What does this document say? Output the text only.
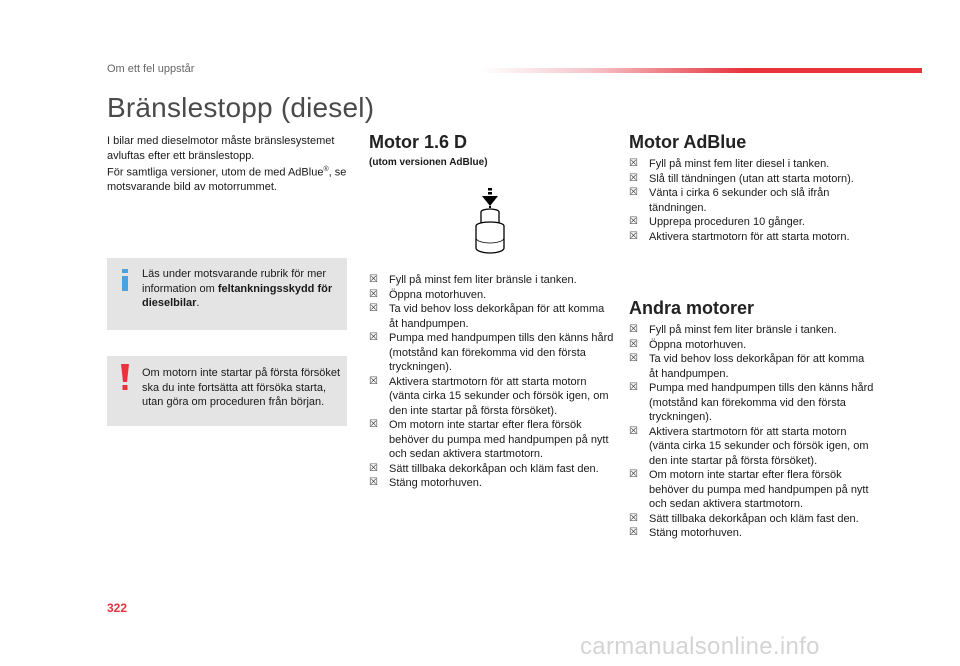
Om ett fel uppstår
Bränslestopp (diesel)

I bilar med dieselmotor måste bränslesystemet avluftas efter ett bränslestopp.

För samtliga versioner, utom de med AdBlue®, se motsvarande bild av motorrummet.

Läs under motsvarande rubrik för mer information om feltankningsskydd för dieselbilar.

Om motorn inte startar på första försöket ska du inte fortsätta att försöka starta, utan göra om proceduren från början.

Motor 1.6 D

(utom versionen AdBlue)

☒ Fyll på minst fem liter bränsle i tanken.
☒ Öppna motorhuven.
☒ Ta vid behov loss dekorkåpan för att komma åt handpumpen.
☒ Pumpa med handpumpen tills den känns hård (motstånd kan förekomma vid den första tryckningen).
☒ Aktivera startmotorn för att starta motorn (vänta cirka 15 sekunder och försök igen, om den inte startar på första försöket).
☒ Om motorn inte startar efter flera försök behöver du pumpa med handpumpen på nytt och sedan aktivera startmotorn.
☒ Sätt tillbaka dekorkåpan och kläm fast den.
☒ Stäng motorhuven.
Motor AdBlue
☒ Fyll på minst fem liter diesel i tanken.
☒ Slå till tändningen (utan att starta motorn).
☒ Vänta i cirka 6 sekunder och slå ifrån tändningen.
☒ Upprepa proceduren 10 gånger.
☒ Aktivera startmotorn för att starta motorn.
Andra motorer
☒ Fyll på minst fem liter bränsle i tanken.
☒ Öppna motorhuven.
☒ Ta vid behov loss dekorkåpan för att komma åt handpumpen.
☒ Pumpa med handpumpen tills den känns hård (motstånd kan förekomma vid den första tryckningen).
☒ Aktivera startmotorn för att starta motorn (vänta cirka 15 sekunder och försök igen, om den inte startar på första försöket).
☒ Om motorn inte startar efter flera försök behöver du pumpa med handpumpen på nytt och sedan aktivera startmotorn.
☒ Sätt tillbaka dekorkåpan och kläm fast den.
☒ Stäng motorhuven.
322
carmanualsonline.info
